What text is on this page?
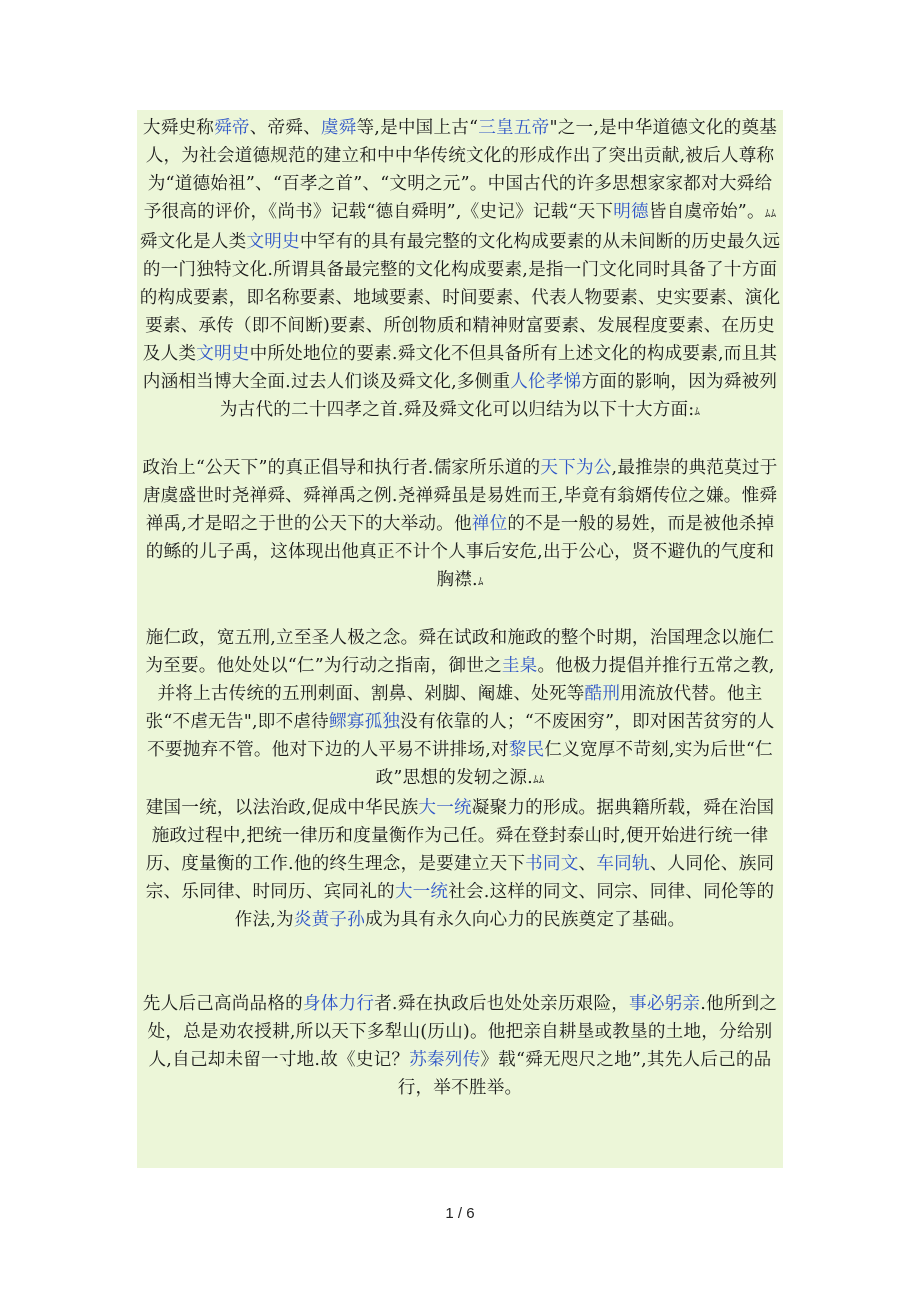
大舜史称舜帝、帝舜、虞舜等,是中国上古“三皇五帝"之一,是中华道德文化的奠基人，为社会道德规范的建立和中中华传统文化的形成作出了突出贡献,被后人尊称为“道德始祖”、“百孝之首”、“文明之元”。中国古代的许多思想家家都对大舜给予很高的评价，《尚书》记载“德自舜明”,《史记》记载“天下明德皆自虞帝始”。ﾑﾑ

舜文化是人类文明史中罕有的具有最完整的文化构成要素的从未间断的历史最久远的一门独特文化.所谓具备最完整的文化构成要素,是指一门文化同时具备了十方面的构成要素，即名称要素、地域要素、时间要素、代表人物要素、史实要素、演化要素、承传（即不间断)要素、所创物质和精神财富要素、发展程度要素、在历史及人类文明史中所处地位的要素.舜文化不但具备所有上述文化的构成要素,而且其内涵相当博大全面.过去人们谈及舜文化,多侧重人伦孝悌方面的影响，因为舜被列为古代的二十四孝之首.舜及舜文化可以归结为以下十大方面:ﾑ

政治上“公天下”的真正倡导和执行者.儒家所乐道的天下为公,最推崇的典范莫过于唐虞盛世时尧禅舜、舜禅禹之例.尧禅舜虽是易姓而王,毕竟有翁婿传位之嫌。惟舜禅禹,才是昭之于世的公天下的大举动。他禅位的不是一般的易姓，而是被他杀掉的鲧的儿子禹，这体现出他真正不计个人事后安危,出于公心，贤不避仇的气度和胸襟.ﾑ

施仁政，宽五刑,立至圣人极之念。舜在试政和施政的整个时期，治国理念以施仁为至要。他处处以“仁”为行动之指南，御世之圭臬。他极力提倡并推行五常之教,并将上古传统的五刑刺面、割鼻、剁脚、阉雄、处死等酷刑用流放代替。他主张“不虐无告",即不虐待鳏寡孤独没有依靠的人；“不废困穷”，即对困苦贫穷的人不要抛弃不管。他对下边的人平易不讲排场,对黎民仁义宽厚不苛刻,实为后世“仁政”思想的发轫之源.ﾑﾑ

建国一统，以法治政,促成中华民族大一统凝聚力的形成。据典籍所载，舜在治国施政过程中,把统一律历和度量衡作为己任。舜在登封泰山时,便开始进行统一律历、度量衡的工作.他的终生理念，是要建立天下书同文、车同轨、人同伦、族同宗、乐同律、时同历、宾同礼的大一统社会.这样的同文、同宗、同律、同伦等的作法,为炎黄子孙成为具有永久向心力的民族奠定了基础。

先人后己高尚品格的身体力行者.舜在执政后也处处亲历艰险，事必躬亲.他所到之处，总是劝农授耕,所以天下多犁山(历山)。他把亲自耕垦或教垦的土地，分给别人,自己却未留一寸地.故《史记？苏秦列传》载“舜无咫尺之地”,其先人后己的品行，举不胜举。

1 / 6
